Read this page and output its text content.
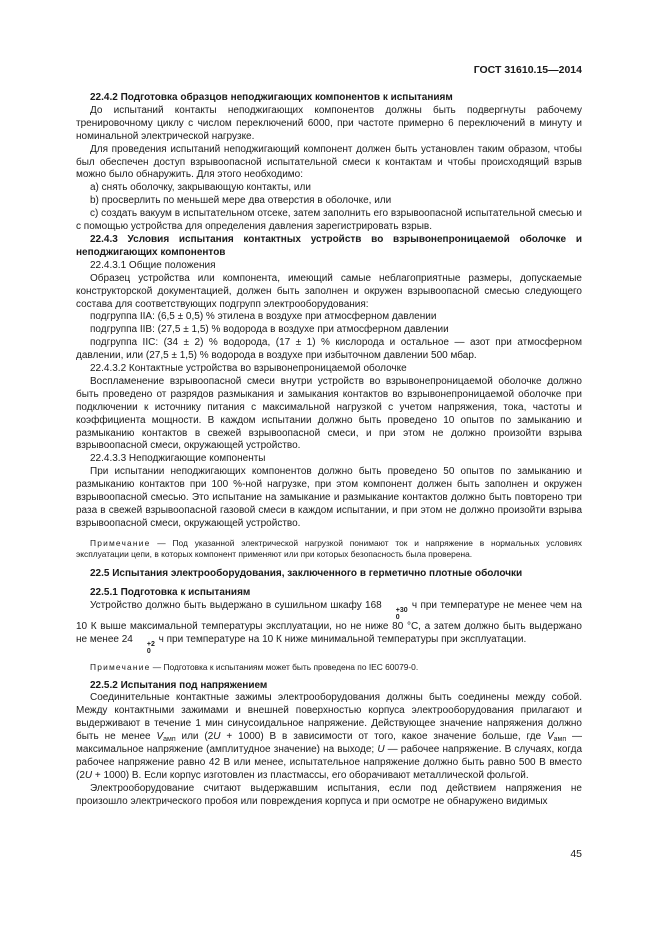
ГОСТ 31610.15—2014

22.4.2 Подготовка образцов неподжигающих компонентов к испытаниям

До испытаний контакты неподжигающих компонентов должны быть подвергнуты рабочему тренировочному циклу с числом переключений 6000, при частоте примерно 6 переключений в минуту и номинальной электрической нагрузке.

Для проведения испытаний неподжигающий компонент должен быть установлен таким образом, чтобы был обеспечен доступ взрывоопасной испытательной смеси к контактам и чтобы происходящий взрыв можно было обнаружить. Для этого необходимо:

а) снять оболочку, закрывающую контакты, или

b) просверлить по меньшей мере два отверстия в оболочке, или

с) создать вакуум в испытательном отсеке, затем заполнить его взрывоопасной испытательной смесью и с помощью устройства для определения давления зарегистрировать взрыв.

22.4.3 Условия испытания контактных устройств во взрывонепроницаемой оболочке и неподжигающих компонентов

22.4.3.1 Общие положения

Образец устройства или компонента, имеющий самые неблагоприятные размеры, допускаемые конструкторской документацией, должен быть заполнен и окружен взрывоопасной смесью следующего состава для соответствующих подгрупп электрооборудования:

подгруппа IIA: (6,5 ± 0,5) % этилена в воздухе при атмосферном давлении

подгруппа IIB: (27,5 ± 1,5) % водорода в воздухе при атмосферном давлении

подгруппа IIC: (34 ± 2) % водорода, (17 ± 1) % кислорода и остальное — азот при атмосферном давлении, или (27,5 ± 1,5) % водорода в воздухе при избыточном давлении 500 мбар.

22.4.3.2 Контактные устройства во взрывонепроницаемой оболочке

Воспламенение взрывоопасной смеси внутри устройств во взрывонепроницаемой оболочке должно быть проведено от разрядов размыкания и замыкания контактов во взрывонепроницаемой оболочке при подключении к источнику питания с максимальной нагрузкой с учетом напряжения, тока, частоты и коэффициента мощности. В каждом испытании должно быть проведено 10 опытов по замыканию и размыканию контактов в свежей взрывоопасной смеси, и при этом не должно произойти взрыва взрывоопасной смеси, окружающей устройство.

22.4.3.3 Неподжигающие компоненты

При испытании неподжигающих компонентов должно быть проведено 50 опытов по замыканию и размыканию контактов при 100 %-ной нагрузке, при этом компонент должен быть заполнен и окружен взрывоопасной смесью. Это испытание на замыкание и размыкание контактов должно быть повторено три раза в свежей взрывоопасной газовой смеси в каждом испытании, и при этом не должно произойти взрыва взрывоопасной смеси, окружающей устройство.

Примечание — Под указанной электрической нагрузкой понимают ток и напряжение в нормальных условиях эксплуатации цепи, в которых компонент применяют или при которых безопасность была проверена.

22.5 Испытания электрооборудования, заключенного в герметично плотные оболочки

22.5.1 Подготовка к испытаниям

Устройство должно быть выдержано в сушильном шкафу 168	+30
0
ч при температуре не менее чем на 10 К выше максимальной температуры эксплуатации, но не ниже 80 °С, а затем должно быть выдержано не менее 24	+2
0
ч при температуре на 10 К ниже минимальной температуры при эксплуатации.

Примечание — Подготовка к испытаниям может быть проведена по IEC 60079-0.

22.5.2 Испытания под напряжением

Соединительные контактные зажимы электрооборудования должны быть соединены между собой. Между контактными зажимами и внешней поверхностью корпуса электрооборудования прилагают и выдерживают в течение 1 мин синусоидальное напряжение. Действующее значение напряжения должно быть не менее $V_{амп}$ или (2U + 1000) В в зависимости от того, какое значение больше, где $V_{амп}$ — максимальное напряжение (амплитудное значение) на выходе; U — рабочее напряжение. В случаях, когда рабочее напряжение равно 42 В или менее, испытательное напряжение должно быть равно 500 В вместо (2U + 1000) В. Если корпус изготовлен из пластмассы, его оборачивают металлической фольгой.

Электрооборудование считают выдержавшим испытания, если под действием напряжения не произошло электрического пробоя или повреждения корпуса и при осмотре не обнаружено видимых

45
